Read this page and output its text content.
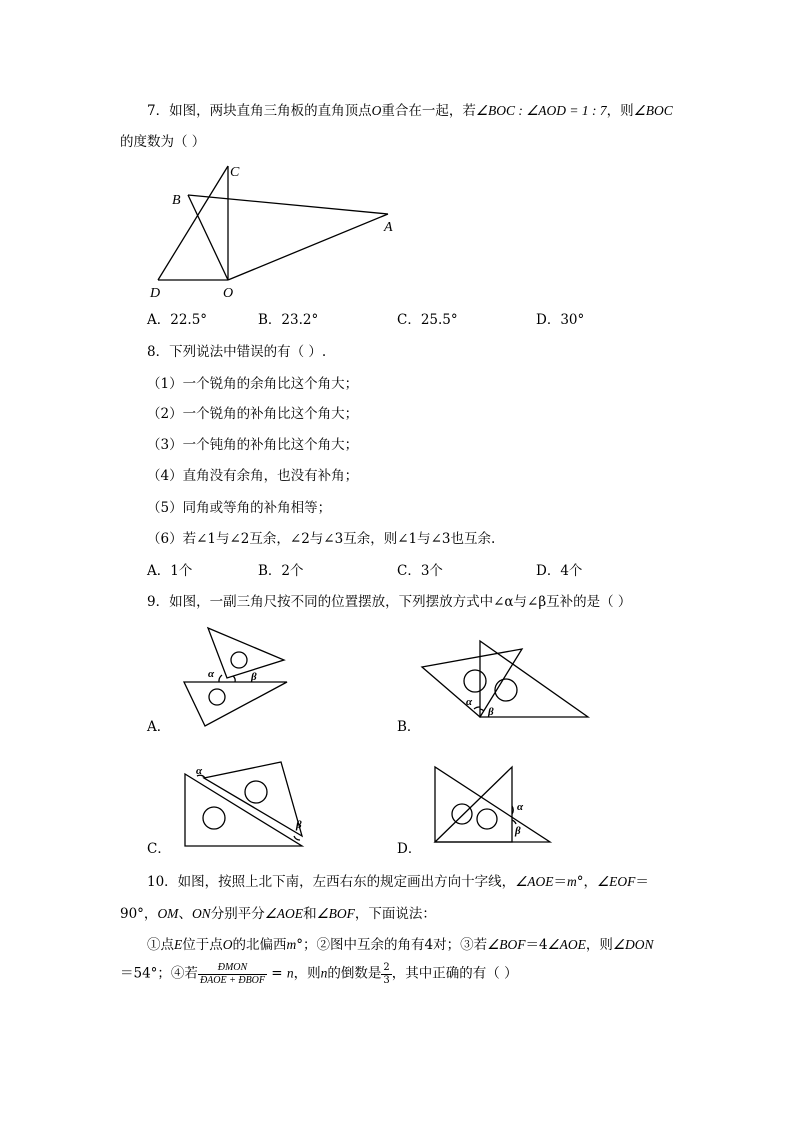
7．如图，两块直角三角板的直角顶点O重合在一起，若∠BOC : ∠AOD = 1 : 7，则∠BOC
的度数为（ ）
C
B
A
D	O
A．22.5°	B．23.2°	C．25.5°	D．30°
8．下列说法中错误的有（ ）.
（1）一个锐角的余角比这个角大；
（2）一个锐角的补角比这个角大；
（3）一个钝角的补角比这个角大；
（4）直角没有余角，也没有补角；
（5）同角或等角的补角相等；
（6）若∠1与∠2互余，∠2与∠3互余，则∠1与∠3也互余.
A．1个	B．2个	C．3个	D．4个
9．如图，一副三角尺按不同的位置摆放，下列摆放方式中∠α与∠β互补的是（ ）
α	β
A．
α
β
B．
α
β
C．
α
β
D．
10．如图，按照上北下南，左西右东的规定画出方向十字线，∠AOE＝m°，∠EOF＝
90°，OM、ON分别平分∠AOE和∠BOF，下面说法：
①点E位于点O的北偏西m°；②图中互余的角有4对；③若∠BOF＝4∠AOE，则∠DON
＝54°；④若 $\frac{\text{ÐMON}}{\text{ÐAOE + ÐBOF}} = n$，则n的倒数是 $\frac{2}{3}$ ，其中正确的有（ ）
